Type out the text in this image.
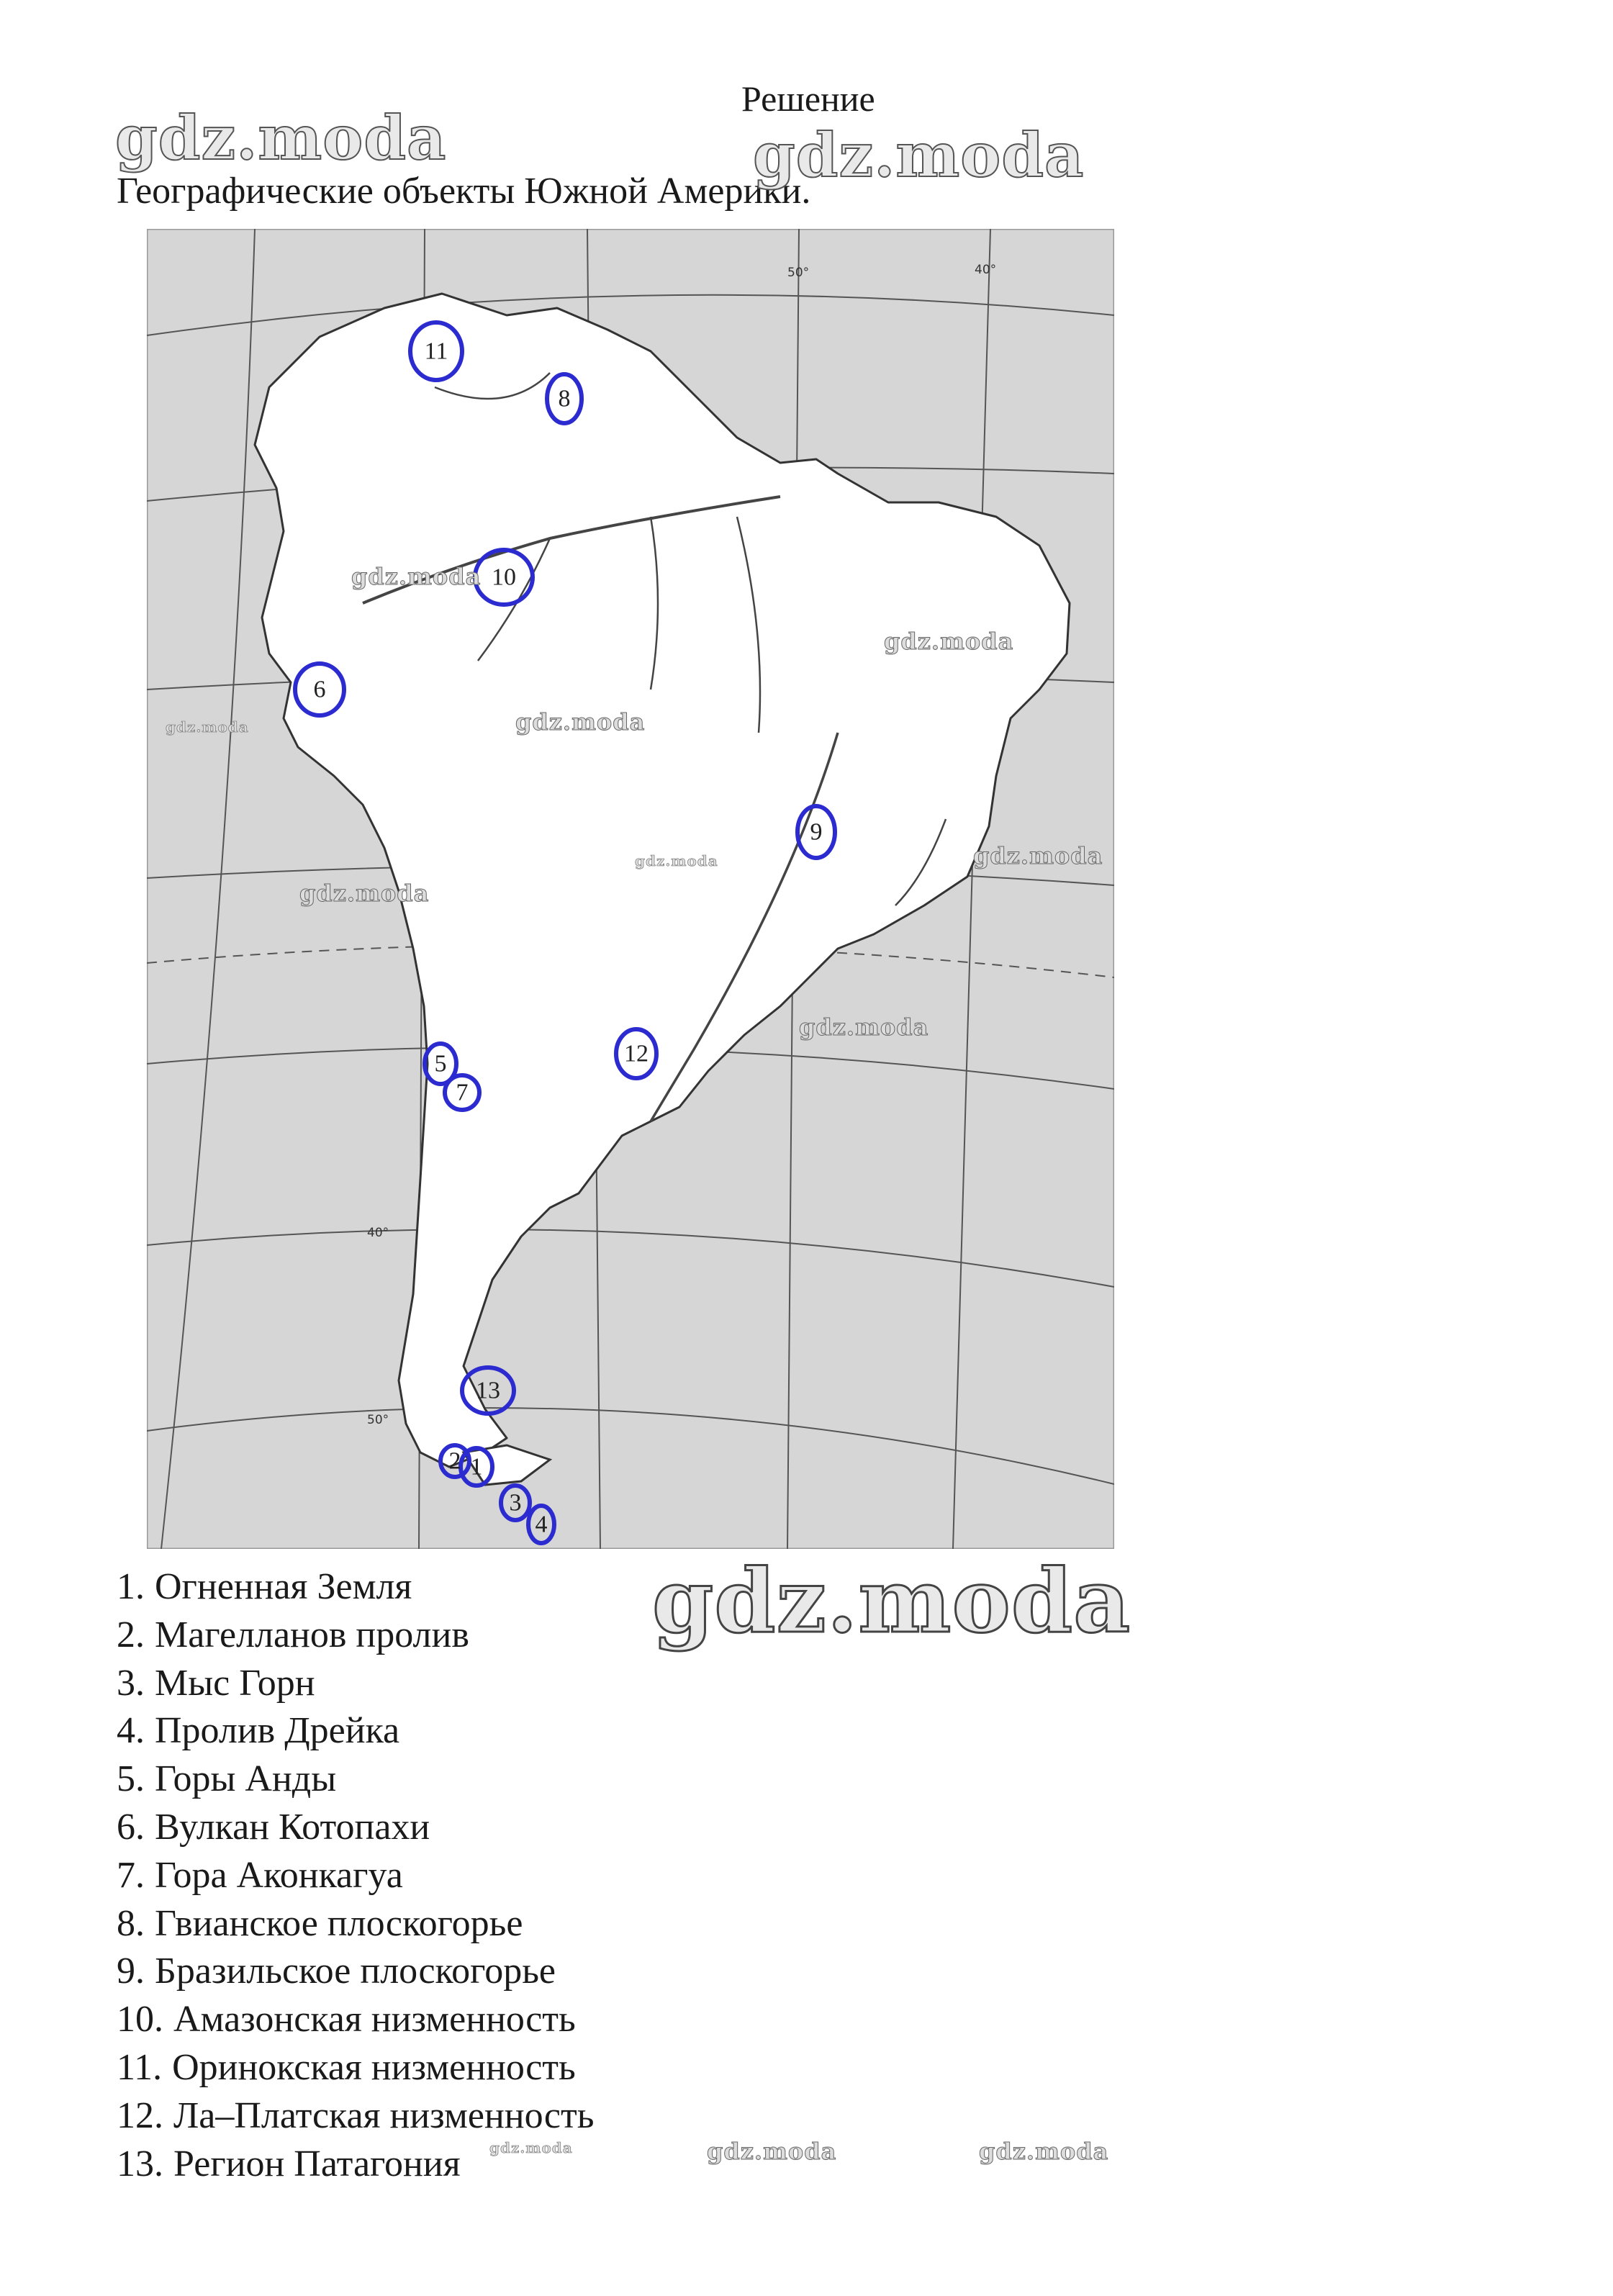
Решение
Географические объекты Южной Америки.
gdz.moda	gdz.moda
50°	40°
40°
50°
1
2
3
4
5
6
7
8
9
10
11
12
13
gdz.moda
gdz.moda
gdz.moda	gdz.moda
gdz.moda	gdz.moda
gdz.moda
gdz.moda
gdz.moda
1. Огненная Земля
2. Магелланов пролив
3. Мыс Горн
4. Пролив Дрейка
5. Горы Анды
6. Вулкан Котопахи
7. Гора Аконкагуа
8. Гвианское плоскогорье
9. Бразильское плоскогорье
10. Амазонская низменность
11. Оринокская низменность
12. Ла–Платская низменность
13. Регион Патагония	gdz.moda	gdz.moda	gdz.moda
